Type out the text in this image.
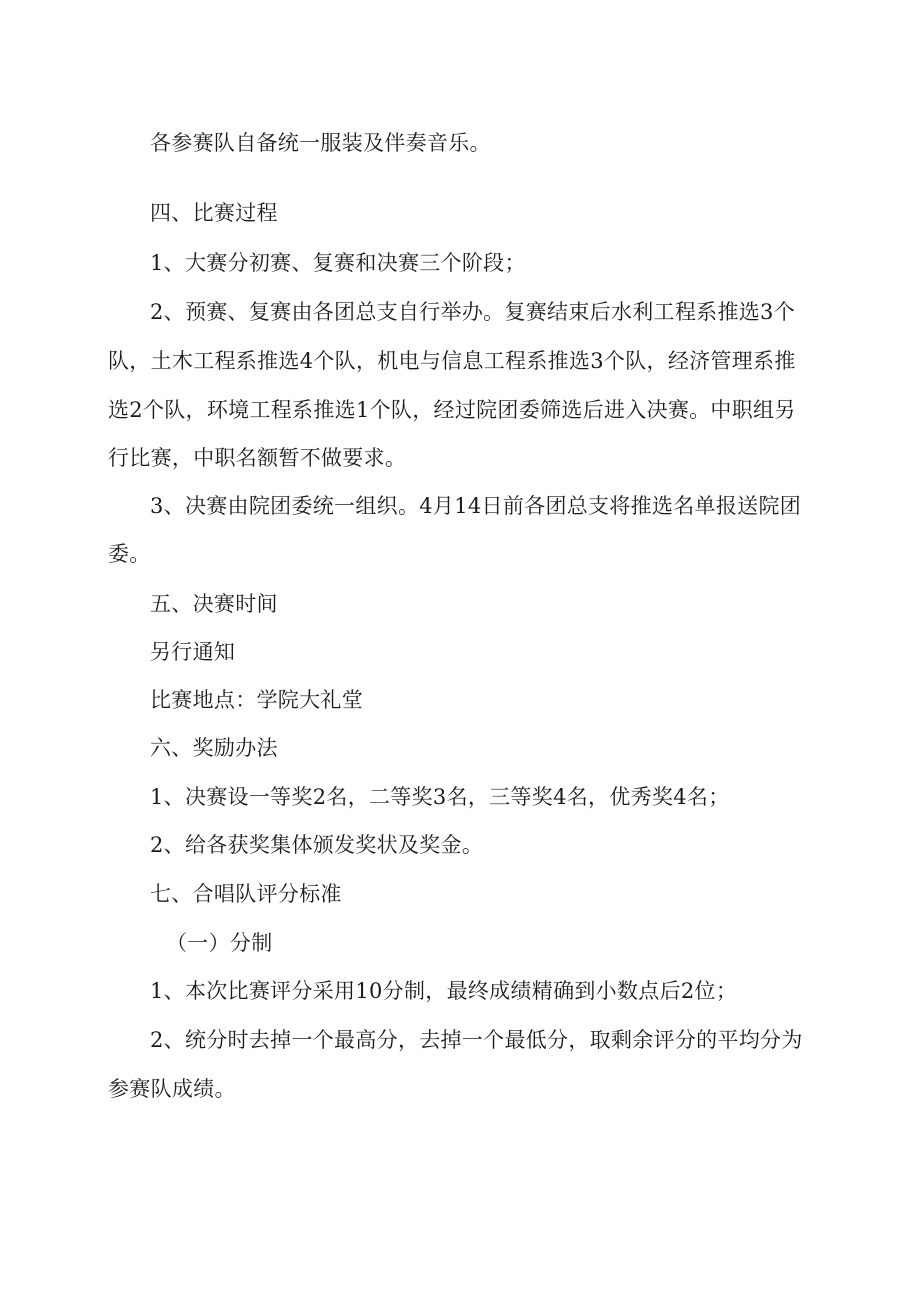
各参赛队自备统一服装及伴奏音乐。
四、比赛过程
1、大赛分初赛、复赛和决赛三个阶段；
2、预赛、复赛由各团总支自行举办。复赛结束后水利工程系推选3个
队，土木工程系推选4个队，机电与信息工程系推选3个队，经济管理系推
选2个队，环境工程系推选1个队，经过院团委筛选后进入决赛。中职组另
行比赛，中职名额暂不做要求。
3、决赛由院团委统一组织。4月14日前各团总支将推选名单报送院团
委。
五、决赛时间
另行通知
比赛地点：学院大礼堂
六、奖励办法
1、决赛设一等奖2名，二等奖3名，三等奖4名，优秀奖4名；
2、给各获奖集体颁发奖状及奖金。
七、合唱队评分标准
（一）分制
1、本次比赛评分采用10分制，最终成绩精确到小数点后2位；
2、统分时去掉一个最高分，去掉一个最低分，取剩余评分的平均分为
参赛队成绩。
